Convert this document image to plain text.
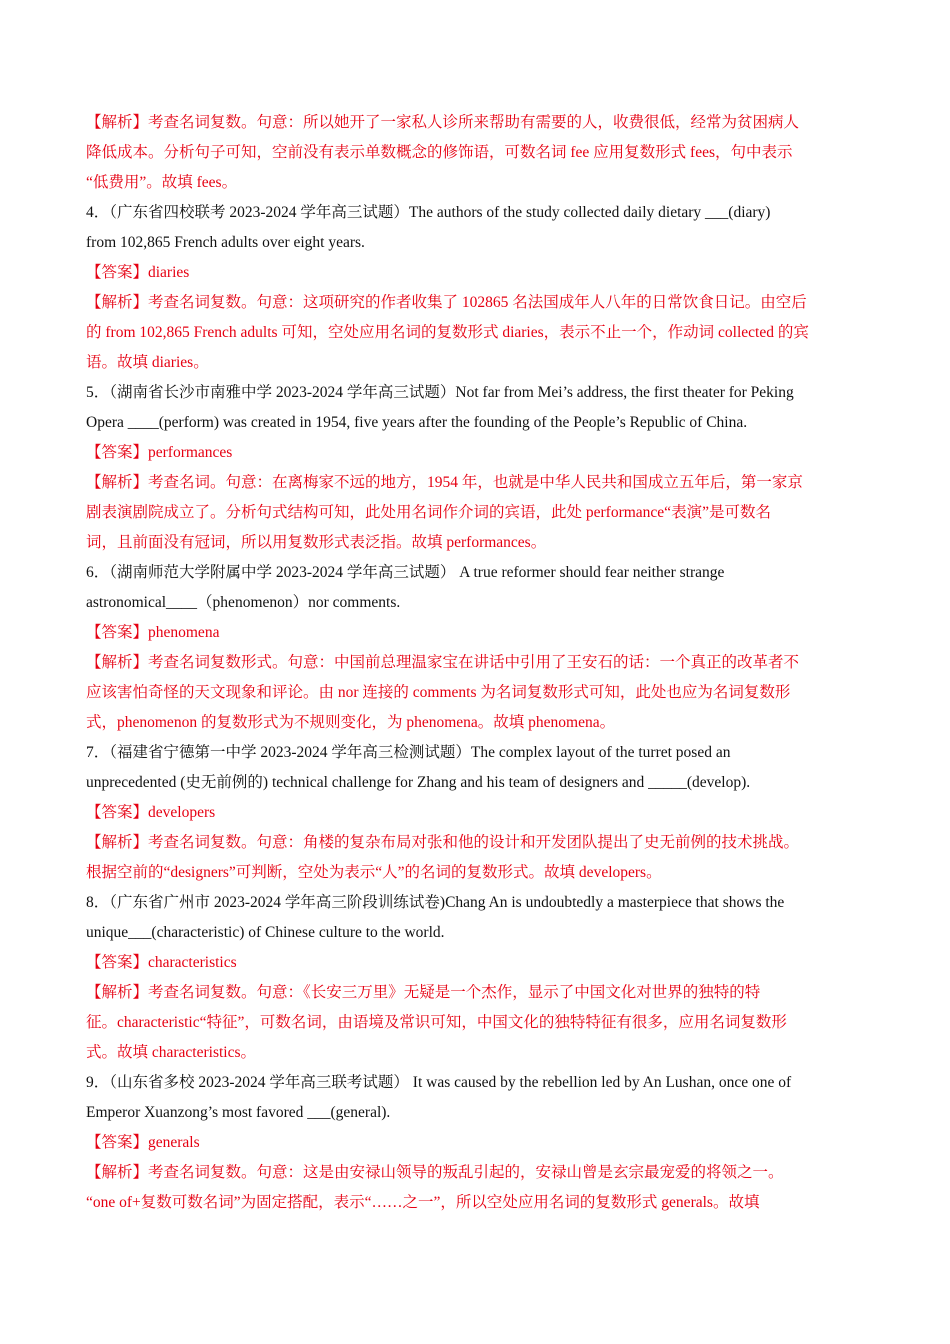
【解析】考查名词复数。句意：所以她开了一家私人诊所来帮助有需要的人，收费很低，经常为贫困病人
降低成本。分析句子可知，空前没有表示单数概念的修饰语，可数名词 fee 应用复数形式 fees，句中表示
“低费用”。故填 fees。
4．（广东省四校联考 2023-2024 学年高三试题）The authors of the study collected daily dietary ___(diary)
from 102,865 French adults over eight years.
【答案】diaries
【解析】考查名词复数。句意：这项研究的作者收集了 102865 名法国成年人八年的日常饮食日记。由空后
的 from 102,865 French adults 可知，空处应用名词的复数形式 diaries，表示不止一个，作动词 collected 的宾
语。故填 diaries。
5．（湖南省长沙市南雅中学 2023-2024 学年高三试题）Not far from Mei’s address, the first theater for Peking
Opera ____(perform) was created in 1954, five years after the founding of the People’s Republic of China.
【答案】performances
【解析】考查名词。句意：在离梅家不远的地方，1954 年，也就是中华人民共和国成立五年后，第一家京
剧表演剧院成立了。分析句式结构可知，此处用名词作介词的宾语，此处 performance“表演”是可数名
词，且前面没有冠词，所以用复数形式表泛指。故填 performances。
6．（湖南师范大学附属中学 2023-2024 学年高三试题） A true reformer should fear neither strange
astronomical____（phenomenon）nor comments.
【答案】phenomena
【解析】考查名词复数形式。句意：中国前总理温家宝在讲话中引用了王安石的话：一个真正的改革者不
应该害怕奇怪的天文现象和评论。由 nor 连接的 comments 为名词复数形式可知，此处也应为名词复数形
式，phenomenon 的复数形式为不规则变化，为 phenomena。故填 phenomena。
7．（福建省宁德第一中学 2023-2024 学年高三检测试题）The complex layout of the turret posed an
unprecedented (史无前例的) technical challenge for Zhang and his team of designers and _____(develop).
【答案】developers
【解析】考查名词复数。句意：角楼的复杂布局对张和他的设计和开发团队提出了史无前例的技术挑战。
根据空前的“designers”可判断，空处为表示“人”的名词的复数形式。故填 developers。
8．（广东省广州市 2023-2024 学年高三阶段训练试卷)Chang An is undoubtedly a masterpiece that shows the
unique___(characteristic) of Chinese culture to the world.
【答案】characteristics
【解析】考查名词复数。句意：《长安三万里》无疑是一个杰作，显示了中国文化对世界的独特的特
征。characteristic“特征”，可数名词，由语境及常识可知，中国文化的独特特征有很多，应用名词复数形
式。故填 characteristics。
9．（山东省多校 2023-2024 学年高三联考试题） It was caused by the rebellion led by An Lushan, once one of
Emperor Xuanzong’s most favored ___(general).
【答案】generals
【解析】考查名词复数。句意：这是由安禄山领导的叛乱引起的，安禄山曾是玄宗最宠爱的将领之一。
“one of+复数可数名词”为固定搭配，表示“……之一”，所以空处应用名词的复数形式 generals。故填
